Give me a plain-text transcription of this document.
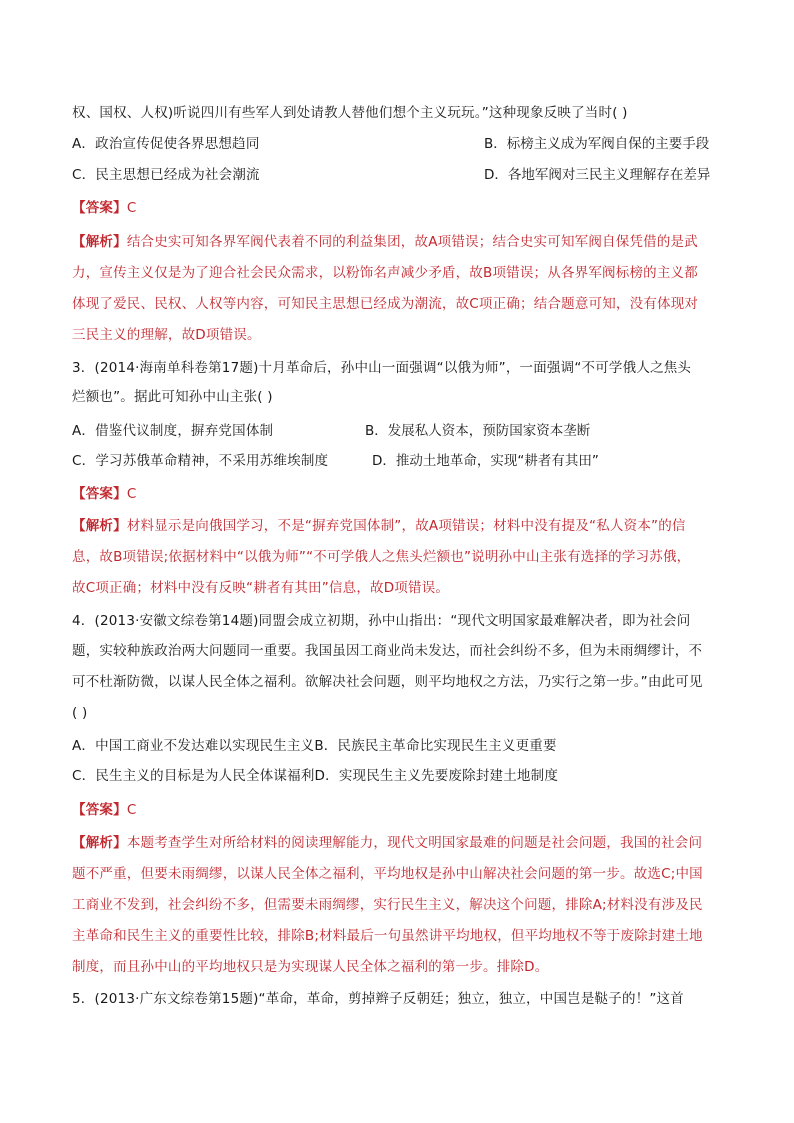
权、国权、人权)听说四川有些军人到处请教人替他们想个主义玩玩。”这种现象反映了当时( )
A．政治宣传促使各界思想趋同	B．标榜主义成为军阀自保的主要手段
C．民主思想已经成为社会潮流	D．各地军阀对三民主义理解存在差异
【答案】C
【解析】结合史实可知各界军阀代表着不同的利益集团，故A项错误；结合史实可知军阀自保凭借的是武
力，宣传主义仅是为了迎合社会民众需求，以粉饰名声减少矛盾，故B项错误；从各界军阀标榜的主义都
体现了爱民、民权、人权等内容，可知民主思想已经成为潮流，故C项正确；结合题意可知，没有体现对
三民主义的理解，故D项错误。
3．(2014·海南单科卷第17题)十月革命后，孙中山一面强调“以俄为师”，一面强调“不可学俄人之焦头
烂额也”。据此可知孙中山主张( )
A．借鉴代议制度，摒弃党国体制	B．发展私人资本，预防国家资本垄断
C．学习苏俄革命精神，不采用苏维埃制度	D．推动土地革命，实现“耕者有其田”
【答案】C
【解析】材料显示是向俄国学习，不是“摒弃党国体制”，故A项错误；材料中没有提及“私人资本”的信
息，故B项错误;依据材料中“以俄为师”“不可学俄人之焦头烂额也”说明孙中山主张有选择的学习苏俄，
故C项正确；材料中没有反映“耕者有其田”信息，故D项错误。
4．(2013·安徽文综卷第14题)同盟会成立初期，孙中山指出：“现代文明国家最难解决者，即为社会问
题，实较种族政治两大问题同一重要。我国虽因工商业尚未发达，而社会纠纷不多，但为未雨绸缪计，不
可不杜渐防微，以谋人民全体之福利。欲解决社会问题，则平均地权之方法，乃实行之第一步。”由此可见
( )
A．中国工商业不发达难以实现民生主义B．民族民主革命比实现民生主义更重要
C．民生主义的目标是为人民全体谋福利D．实现民生主义先要废除封建土地制度
【答案】C
【解析】本题考查学生对所给材料的阅读理解能力，现代文明国家最难的问题是社会问题，我国的社会问
题不严重，但要未雨绸缪，以谋人民全体之福利，平均地权是孙中山解决社会问题的第一步。故选C;中国
工商业不发到，社会纠纷不多，但需要未雨绸缪，实行民生主义，解决这个问题，排除A;材料没有涉及民
主革命和民生主义的重要性比较，排除B;材料最后一句虽然讲平均地权，但平均地权不等于废除封建土地
制度，而且孙中山的平均地权只是为实现谋人民全体之福利的第一步。排除D。
5．(2013·广东文综卷第15题)“革命，革命，剪掉辫子反朝廷；独立，独立，中国岂是鞑子的！”这首
